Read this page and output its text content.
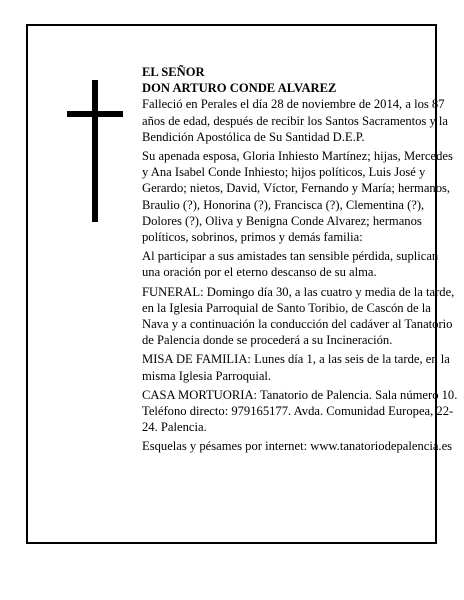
EL SEÑOR

DON ARTURO CONDE ALVAREZ

Falleció en Perales el día 28 de noviembre de 2014, a los 87 años de edad, después de recibir los Santos Sacramentos y la Bendición Apostólica de Su Santidad D.E.P.

Su apenada esposa, Gloria Inhiesto Martínez; hijas, Mercedes y Ana Isabel Conde Inhiesto; hijos políticos, Luis José y Gerardo; nietos, David, Víctor, Fernando y María; hermanos, Braulio (?), Honorina (?), Francisca (?), Clementina (?), Dolores (?), Oliva y Benigna Conde Alvarez; hermanos políticos, sobrinos, primos y demás familia:

Al participar a sus amistades tan sensible pérdida, suplican una oración por el eterno descanso de su alma.

FUNERAL: Domingo día 30, a las cuatro y media de la tarde, en la Iglesia Parroquial de Santo Toribio, de Cascón de la Nava y a continuación la conducción del cadáver al Tanatorio de Palencia donde se procederá a su Incineración.

MISA DE FAMILIA: Lunes día 1, a las seis de la tarde, en la misma Iglesia Parroquial.

CASA MORTUORIA: Tanatorio de Palencia. Sala número 10. Teléfono directo: 979165177. Avda. Comunidad Europea, 22-24. Palencia.

Esquelas y pésames por internet: www.tanatoriodepalencia.es
